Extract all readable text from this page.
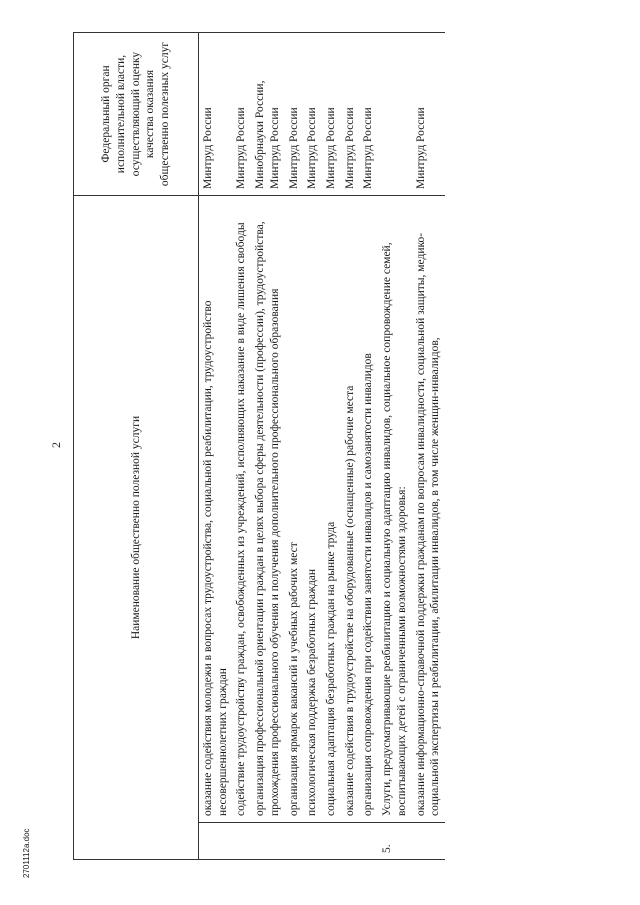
2	Наименование общественно полезной услуги		Федеральный орган исполнительной власти, осуществляющий оценку качества оказания общественно полезных услуг
	оказание содействия молодежи в вопросах трудоустройства, социальной реабилитации, трудоустройство несовершеннолетних граждан	Минтруд России
	содействие трудоустройству граждан, освобожденных из учреждений, исполняющих наказание в виде лишения свободы	Минтруд России
	организация профессиональной ориентации граждан в целях выбора сферы деятельности (профессии), трудоустройства, прохождения профессионального обучения и получения дополнительного профессионального образования	Минобрнауки России, Минтруд России
	организация ярмарок вакансий и учебных рабочих мест	Минтруд России
	психологическая поддержка безработных граждан	Минтруд России
	социальная адаптация безработных граждан на рынке труда	Минтруд России
	оказание содействия в трудоустройстве на оборудованные (оснащенные) рабочие места	Минтруд России
	организация сопровождения при содействии занятости инвалидов и самозанятости инвалидов	Минтруд России
5.	Услуги, предусматривающие реабилитацию и социальную адаптацию инвалидов, социальное сопровождение семей, воспитывающих детей с ограниченными возможностями здоровья:	
	оказание информационно-справочной поддержки гражданам по вопросам инвалидности, социальной защиты, медико-социальной экспертизы и реабилитации, абилитации инвалидов, в том числе женщин-инвалидов,	Минтруд России
2701112а.doc
